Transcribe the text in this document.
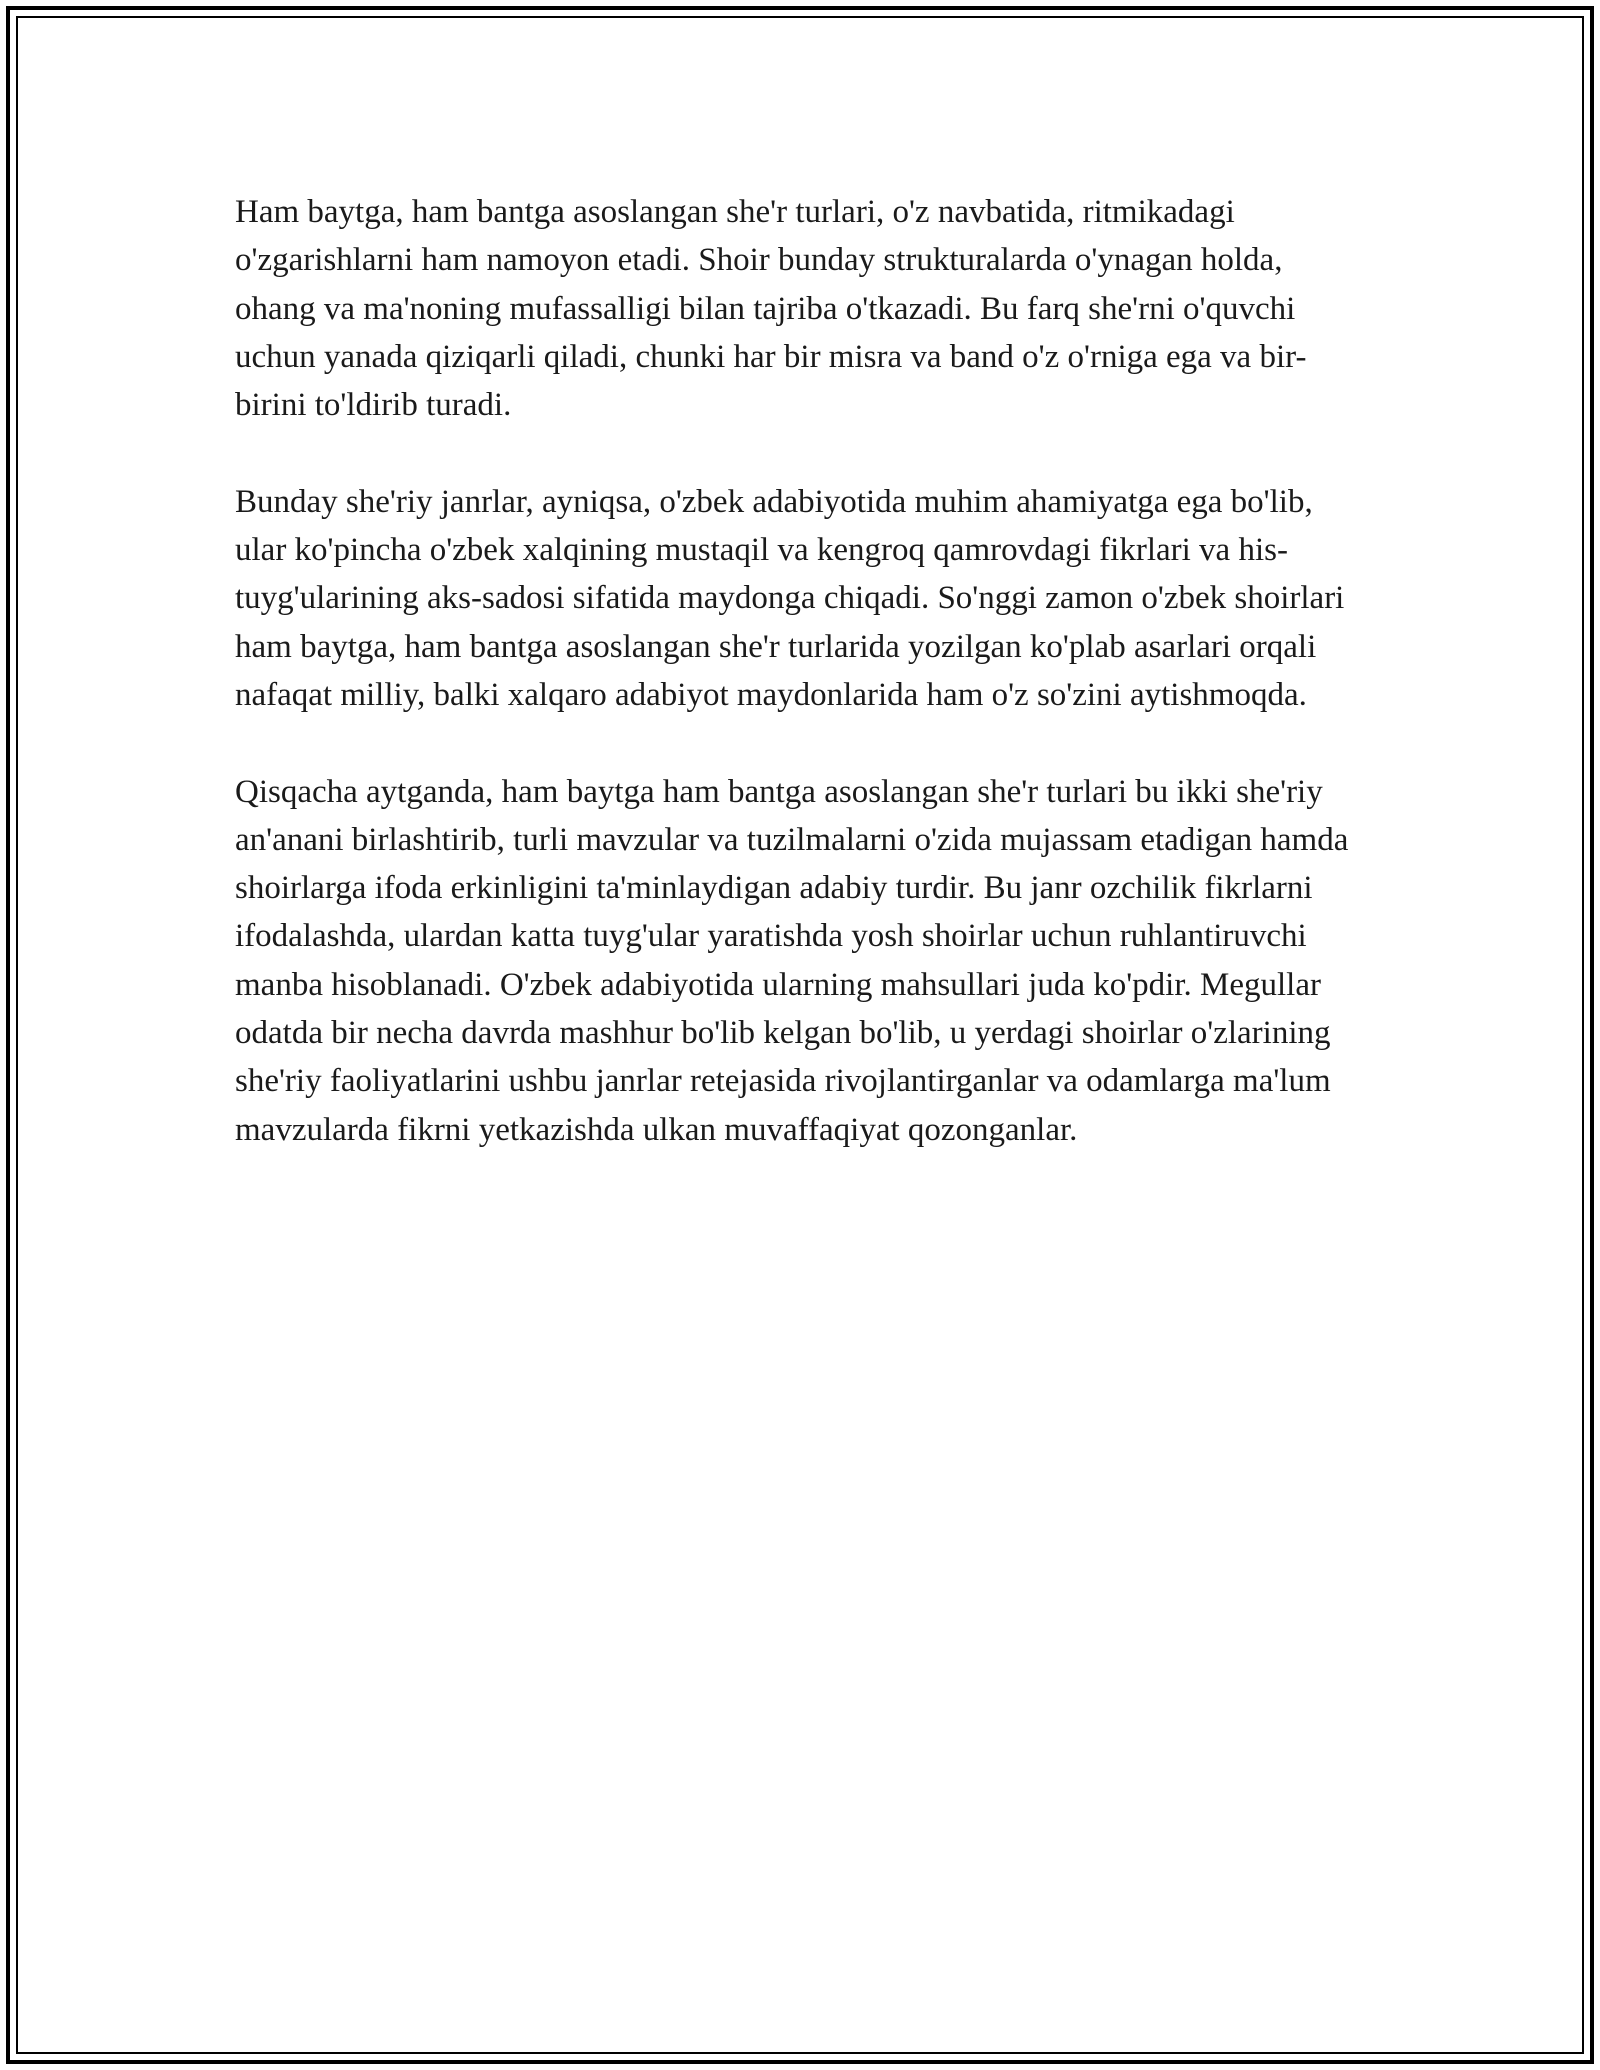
Ham baytga, ham bantga asoslangan she'r turlari, o'z navbatida, ritmikadagi o'zgarishlarni ham namoyon etadi. Shoir bunday strukturalarda o'ynagan holda, ohang va ma'noning mufassalligi bilan tajriba o'tkazadi. Bu farq she'rni o'quvchi uchun yanada qiziqarli qiladi, chunki har bir misra va band o'z o'rniga ega va bir-birini to'ldirib turadi.

Bunday she'riy janrlar, ayniqsa, o'zbek adabiyotida muhim ahamiyatga ega bo'lib, ular ko'pincha o'zbek xalqining mustaqil va kengroq qamrovdagi fikrlari va his-tuyg'ularining aks-sadosi sifatida maydonga chiqadi. So'nggi zamon o'zbek shoirlari ham baytga, ham bantga asoslangan she'r turlarida yozilgan ko'plab asarlari orqali nafaqat milliy, balki xalqaro adabiyot maydonlarida ham o'z so'zini aytishmoqda.

Qisqacha aytganda, ham baytga ham bantga asoslangan she'r turlari bu ikki she'riy an'anani birlashtirib, turli mavzular va tuzilmalarni o'zida mujassam etadigan hamda shoirlarga ifoda erkinligini ta'minlaydigan adabiy turdir. Bu janr ozchilik fikrlarni ifodalashda, ulardan katta tuyg'ular yaratishda yosh shoirlar uchun ruhlantiruvchi manba hisoblanadi. O'zbek adabiyotida ularning mahsullari juda ko'pdir. Megullar odatda bir necha davrda mashhur bo'lib kelgan bo'lib, u yerdagi shoirlar o'zlarining she'riy faoliyatlarini ushbu janrlar retejasida rivojlantirganlar va odamlarga ma'lum mavzularda fikrni yetkazishda ulkan muvaffaqiyat qozonganlar.
